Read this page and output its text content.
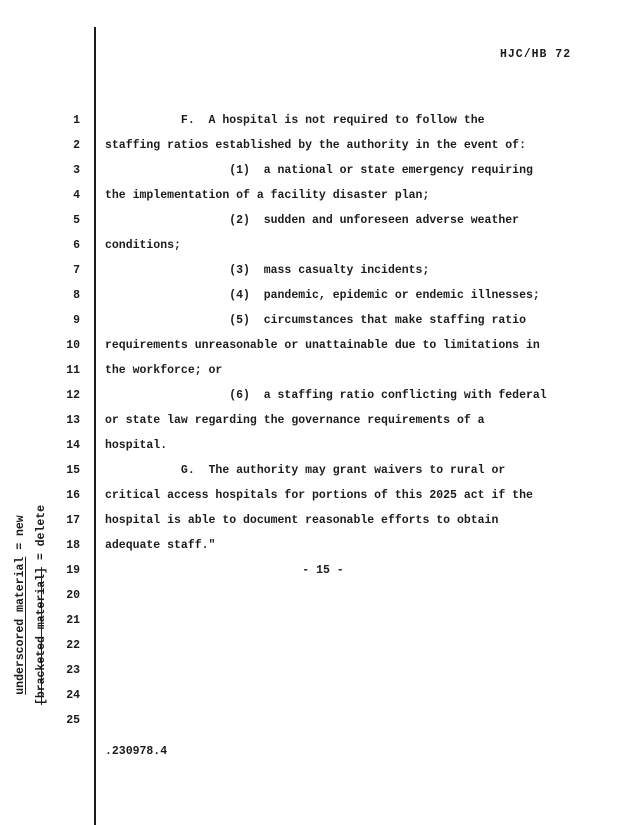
HJC/HB 72
underscored material = new
[bracketed material] = delete
1
2
3
4
5
6
7
8
9
10
11
12
13
14
15
16
17
18
19
20
21
22
23
24
25
F.  A hospital is not required to follow the
staffing ratios established by the authority in the event of:
(1)  a national or state emergency requiring
the implementation of a facility disaster plan;
(2)  sudden and unforeseen adverse weather
conditions;
(3)  mass casualty incidents;
(4)  pandemic, epidemic or endemic illnesses;
(5)  circumstances that make staffing ratio
requirements unreasonable or unattainable due to limitations in
the workforce; or
(6)  a staffing ratio conflicting with federal
or state law regarding the governance requirements of a
hospital.
G.  The authority may grant waivers to rural or
critical access hospitals for portions of this 2025 act if the
hospital is able to document reasonable efforts to obtain
adequate staff."
- 15 -
.230978.4
